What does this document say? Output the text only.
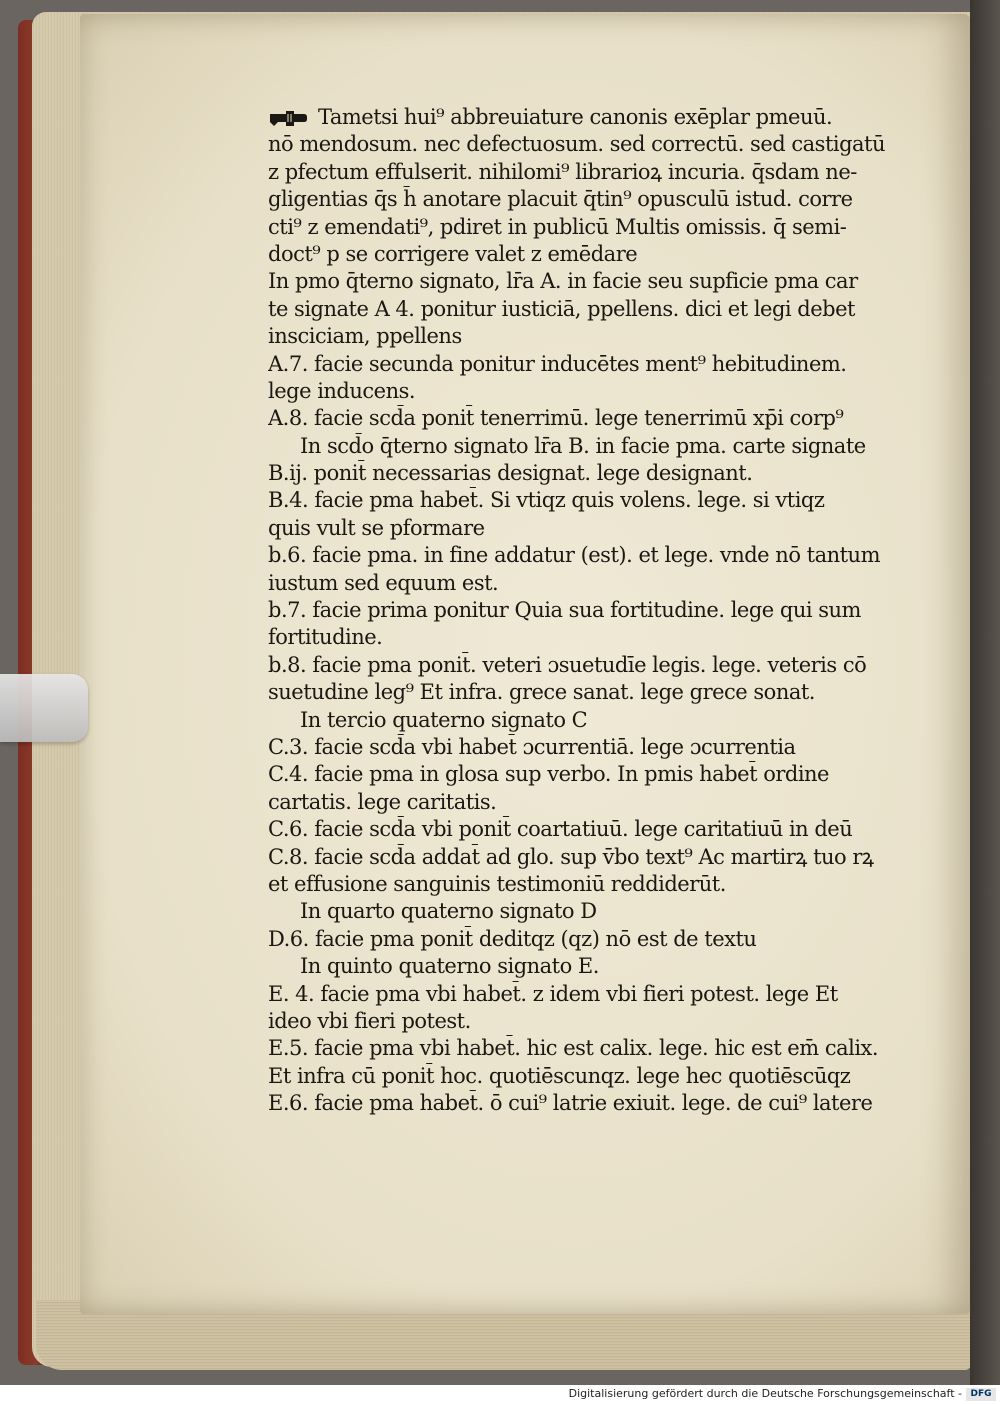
Tametsi hui⁹ abbreuiature canonis exēplar pmeuū.
nō mendosum. nec defectuosum. sed correctū. sed castigatū
z pfectum effulserit. nihilomi⁹ librarioꝝ incuria. q̄sdam ne-
gligentias q̄s h̄ anotare placuit q̄tin⁹ opusculū istud. corre
cti⁹ z emendati⁹, pdiret in publicū Multis omissis. q̄ semi-
doct⁹ p se corrigere valet z emēdare
In pmo q̄terno signato, lr̄a A. in facie seu supficie pma car
te signate A 4. ponitur iusticiā, ppellens. dici et legi debet
insciciam, ppellens
A.7. facie secunda ponitur inducētes ment⁹ hebitudinem.
lege inducens.
A.8. facie scd̄a ponit̄ tenerrimū. lege tenerrimū xp̄i corp⁹
In scd̄o q̄terno signato lr̄a B. in facie pma. carte signate
B.ij. ponit̄ necessarias designat. lege designant.
B.4. facie pma habet̄. Si vtiqz quis volens. lege. si vtiqz
quis vult se pformare
b.6. facie pma. in fine addatur (est). et lege. vnde nō tantum
iustum sed equum est.
b.7. facie prima ponitur Quia sua fortitudine. lege qui sum
fortitudine.
b.8. facie pma ponit̄. veteri ɔsuetudīe legis. lege. veteris cō
suetudine leg⁹ Et infra. grece sanat. lege grece sonat.
In tercio quaterno signato C
C.3. facie scd̄a vbi habet̄ ɔcurrentiā. lege ɔcurrentia
C.4. facie pma in glosa sup verbo. In pmis habet̄ ordine
cartatis. lege caritatis.
C.6. facie scd̄a vbi ponit̄ coartatiuū. lege caritatiuū in deū
C.8. facie scd̄a addat̄ ad glo. sup v̄bo text⁹ Ac martirꝝ tuo rꝝ
et effusione sanguinis testimoniū reddiderūt.
In quarto quaterno signato D
D.6. facie pma ponit̄ deditqz (qz) nō est de textu
In quinto quaterno signato E.
E. 4. facie pma vbi habet̄. z idem vbi fieri potest. lege Et
ideo vbi fieri potest.
E.5. facie pma vbi habet̄. hic est calix. lege. hic est em̄ calix.
Et infra cū ponit̄ hoc. quotiēscunqz. lege hec quotiēscūqz
E.6. facie pma habet̄. ō cui⁹ latrie exiuit. lege. de cui⁹ latere
Digitalisierung gefördert durch die Deutsche Forschungsgemeinschaft - DFG
